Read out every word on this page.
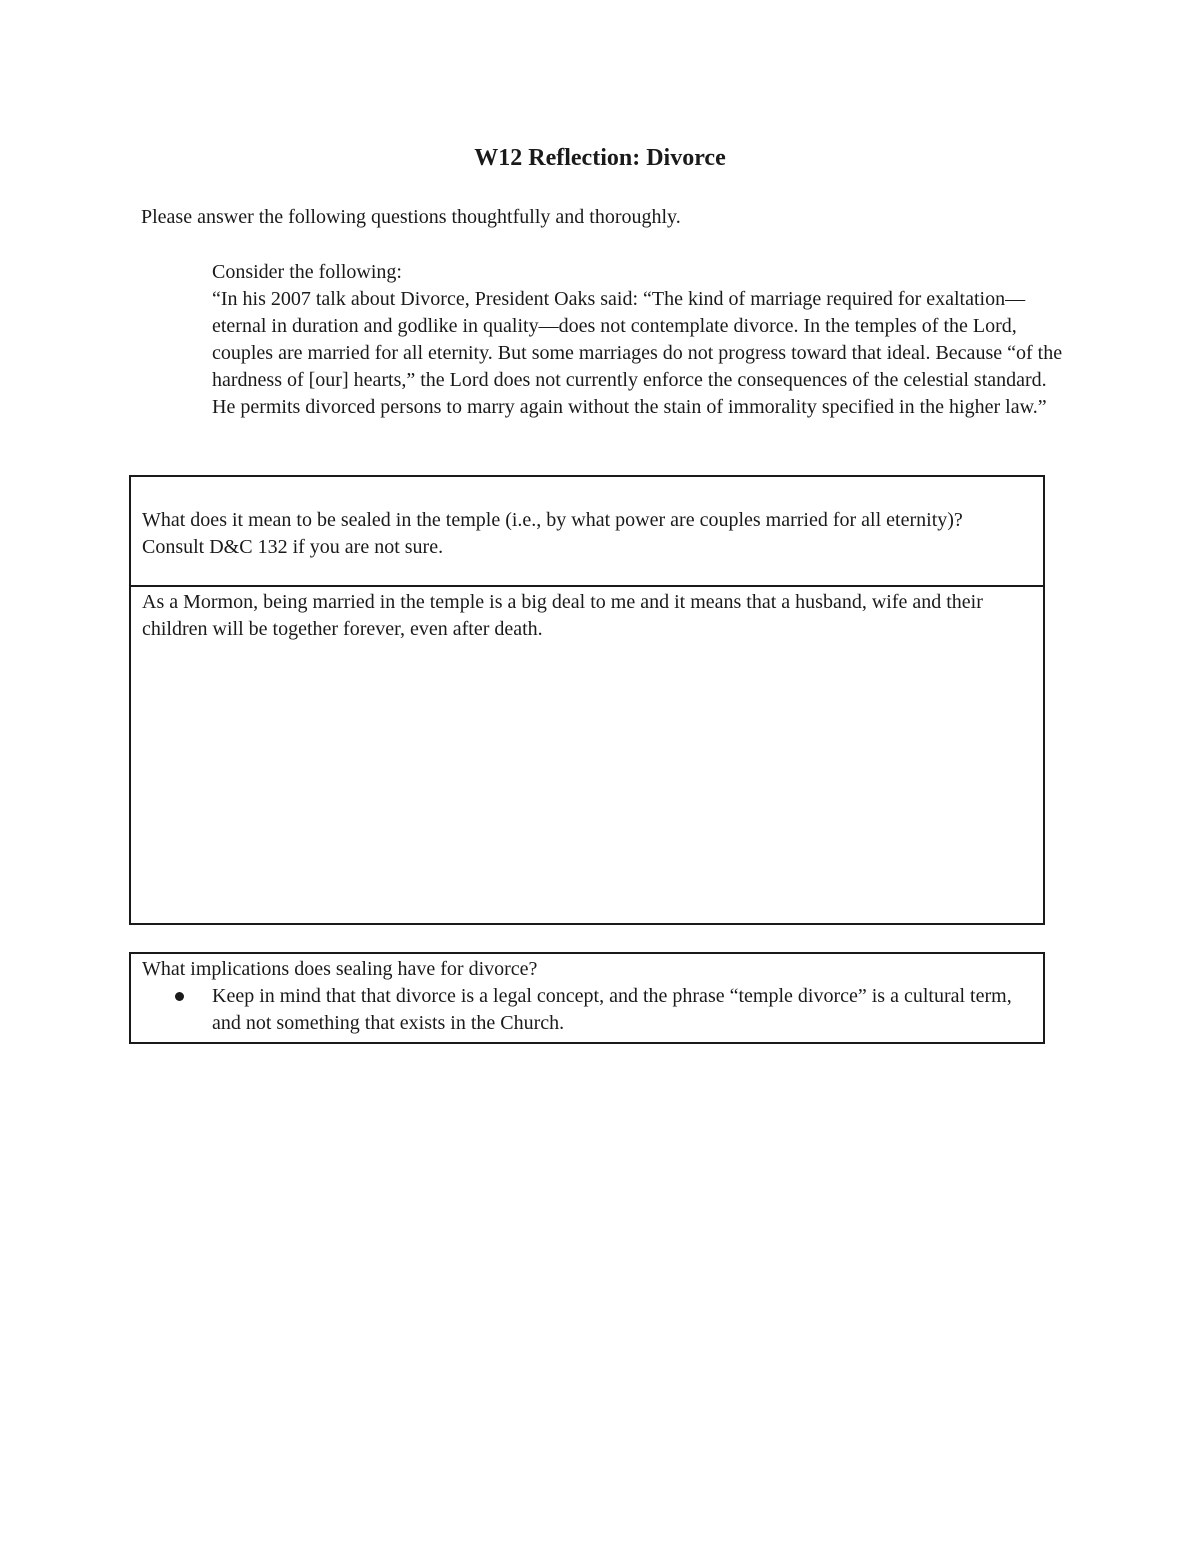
W12 Reflection: Divorce

Please answer the following questions thoughtfully and thoroughly.

Consider the following:

“In his 2007 talk about Divorce, President Oaks said: “The kind of marriage required for exaltation—eternal in duration and godlike in quality—does not contemplate divorce. In the temples of the Lord, couples are married for all eternity. But some marriages do not progress toward that ideal. Because “of the hardness of [our] hearts,” the Lord does not currently enforce the consequences of the celestial standard. He permits divorced persons to marry again without the stain of immorality specified in the higher law.”

What does it mean to be sealed in the temple (i.e., by what power are couples married for all eternity)? Consult D&C 132 if you are not sure.

As a Mormon, being married in the temple is a big deal to me and it means that a husband, wife and their children will be together forever, even after death.

What implications does sealing have for divorce?

Keep in mind that that divorce is a legal concept, and the phrase “temple divorce” is a cultural term, and not something that exists in the Church.
